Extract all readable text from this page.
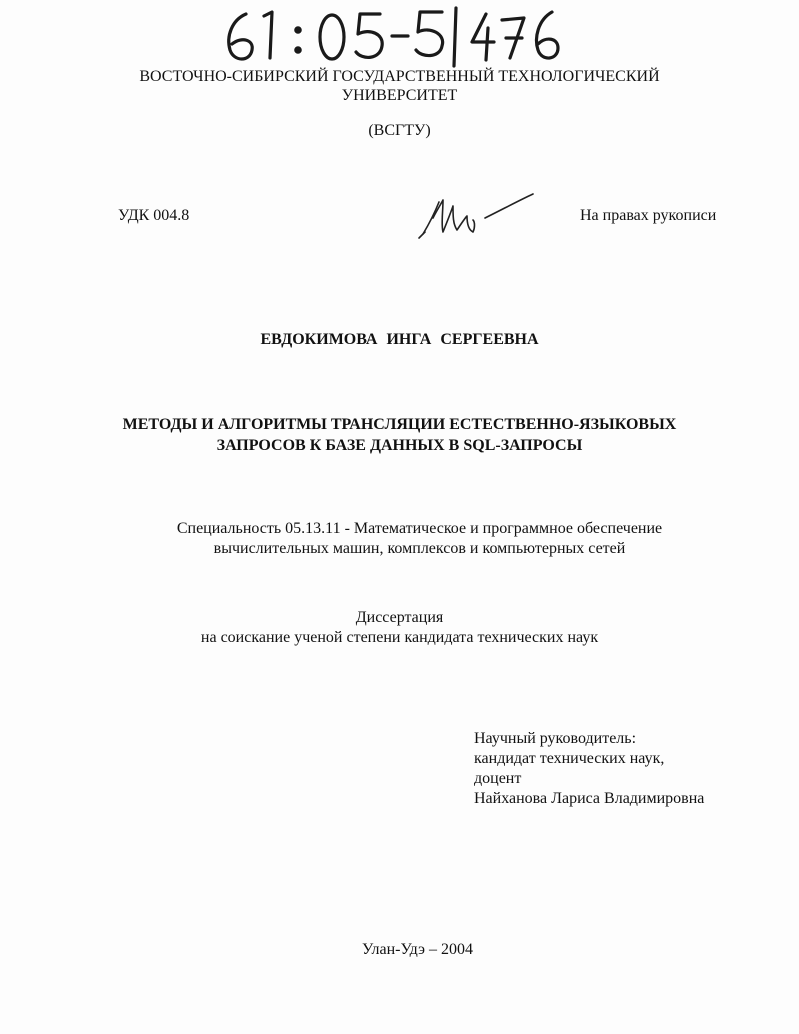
ВОСТОЧНО-СИБИРСКИЙ ГОСУДАРСТВЕННЫЙ ТЕХНОЛОГИЧЕСКИЙ
УНИВЕРСИТЕТ
(ВСГТУ)
УДК 004.8	На правах рукописи
ЕВДОКИМОВА ИНГА СЕРГЕЕВНА
МЕТОДЫ И АЛГОРИТМЫ ТРАНСЛЯЦИИ ЕСТЕСТВЕННО-ЯЗЫКОВЫХ
ЗАПРОСОВ К БАЗЕ ДАННЫХ В SQL-ЗАПРОСЫ
Специальность 05.13.11 - Математическое и программное обеспечение
вычислительных машин, комплексов и компьютерных сетей
Диссертация
на соискание ученой степени кандидата технических наук
Научный руководитель:
кандидат технических наук,
доцент
Найханова Лариса Владимировна
Улан-Удэ – 2004
